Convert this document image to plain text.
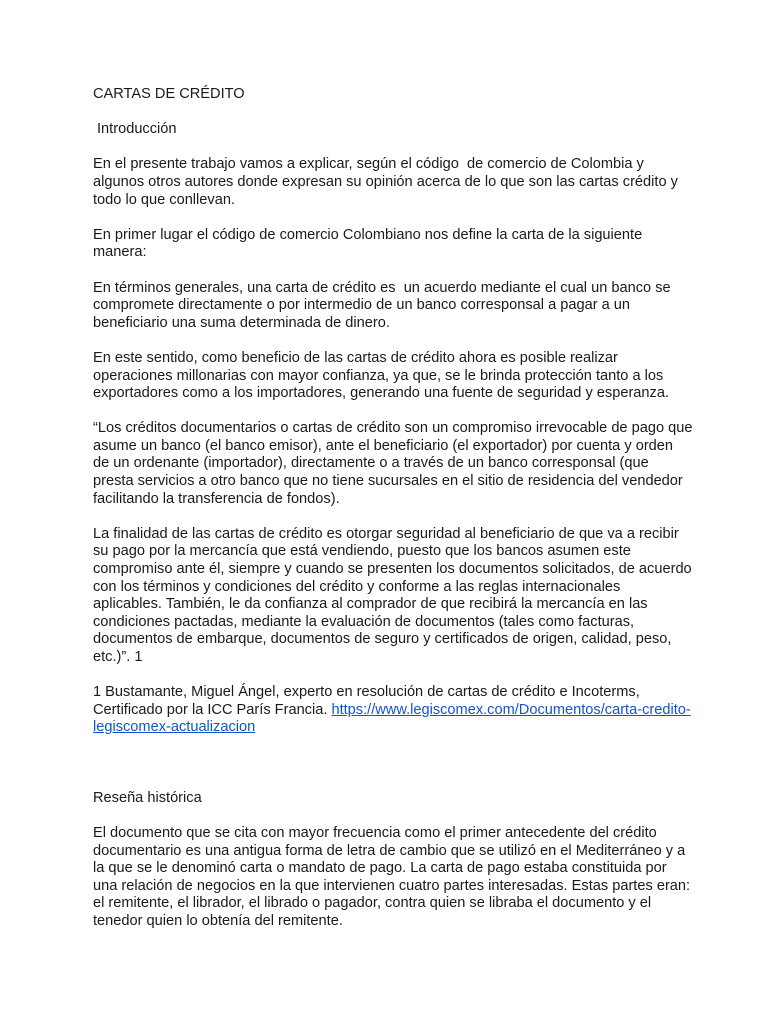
CARTAS DE CRÉDITO

Introducción

En el presente trabajo vamos a explicar, según el código  de comercio de Colombia y algunos otros autores donde expresan su opinión acerca de lo que son las cartas crédito y todo lo que conllevan.

En primer lugar el código de comercio Colombiano nos define la carta de la siguiente manera:

En términos generales, una carta de crédito es  un acuerdo mediante el cual un banco se compromete directamente o por intermedio de un banco corresponsal a pagar a un beneficiario una suma determinada de dinero.

En este sentido, como beneficio de las cartas de crédito ahora es posible realizar operaciones millonarias con mayor confianza, ya que, se le brinda protección tanto a los exportadores como a los importadores, generando una fuente de seguridad y esperanza.

“Los créditos documentarios o cartas de crédito son un compromiso irrevocable de pago que asume un banco (el banco emisor), ante el beneficiario (el exportador) por cuenta y orden de un ordenante (importador), directamente o a través de un banco corresponsal (que presta servicios a otro banco que no tiene sucursales en el sitio de residencia del vendedor facilitando la transferencia de fondos).

La finalidad de las cartas de crédito es otorgar seguridad al beneficiario de que va a recibir su pago por la mercancía que está vendiendo, puesto que los bancos asumen este compromiso ante él, siempre y cuando se presenten los documentos solicitados, de acuerdo con los términos y condiciones del crédito y conforme a las reglas internacionales aplicables. También, le da confianza al comprador de que recibirá la mercancía en las condiciones pactadas, mediante la evaluación de documentos (tales como facturas, documentos de embarque, documentos de seguro y certificados de origen, calidad, peso, etc.)”. 1

1 Bustamante, Miguel Ángel, experto en resolución de cartas de crédito e Incoterms, Certificado por la ICC París Francia. https://www.legiscomex.com/Documentos/carta-credito-legiscomex-actualizacion

Reseña histórica

El documento que se cita con mayor frecuencia como el primer antecedente del crédito documentario es una antigua forma de letra de cambio que se utilizó en el Mediterráneo y a la que se le denominó carta o mandato de pago. La carta de pago estaba constituida por una relación de negocios en la que intervienen cuatro partes interesadas. Estas partes eran: el remitente, el librador, el librado o pagador, contra quien se libraba el documento y el tenedor quien lo obtenía del remitente.
